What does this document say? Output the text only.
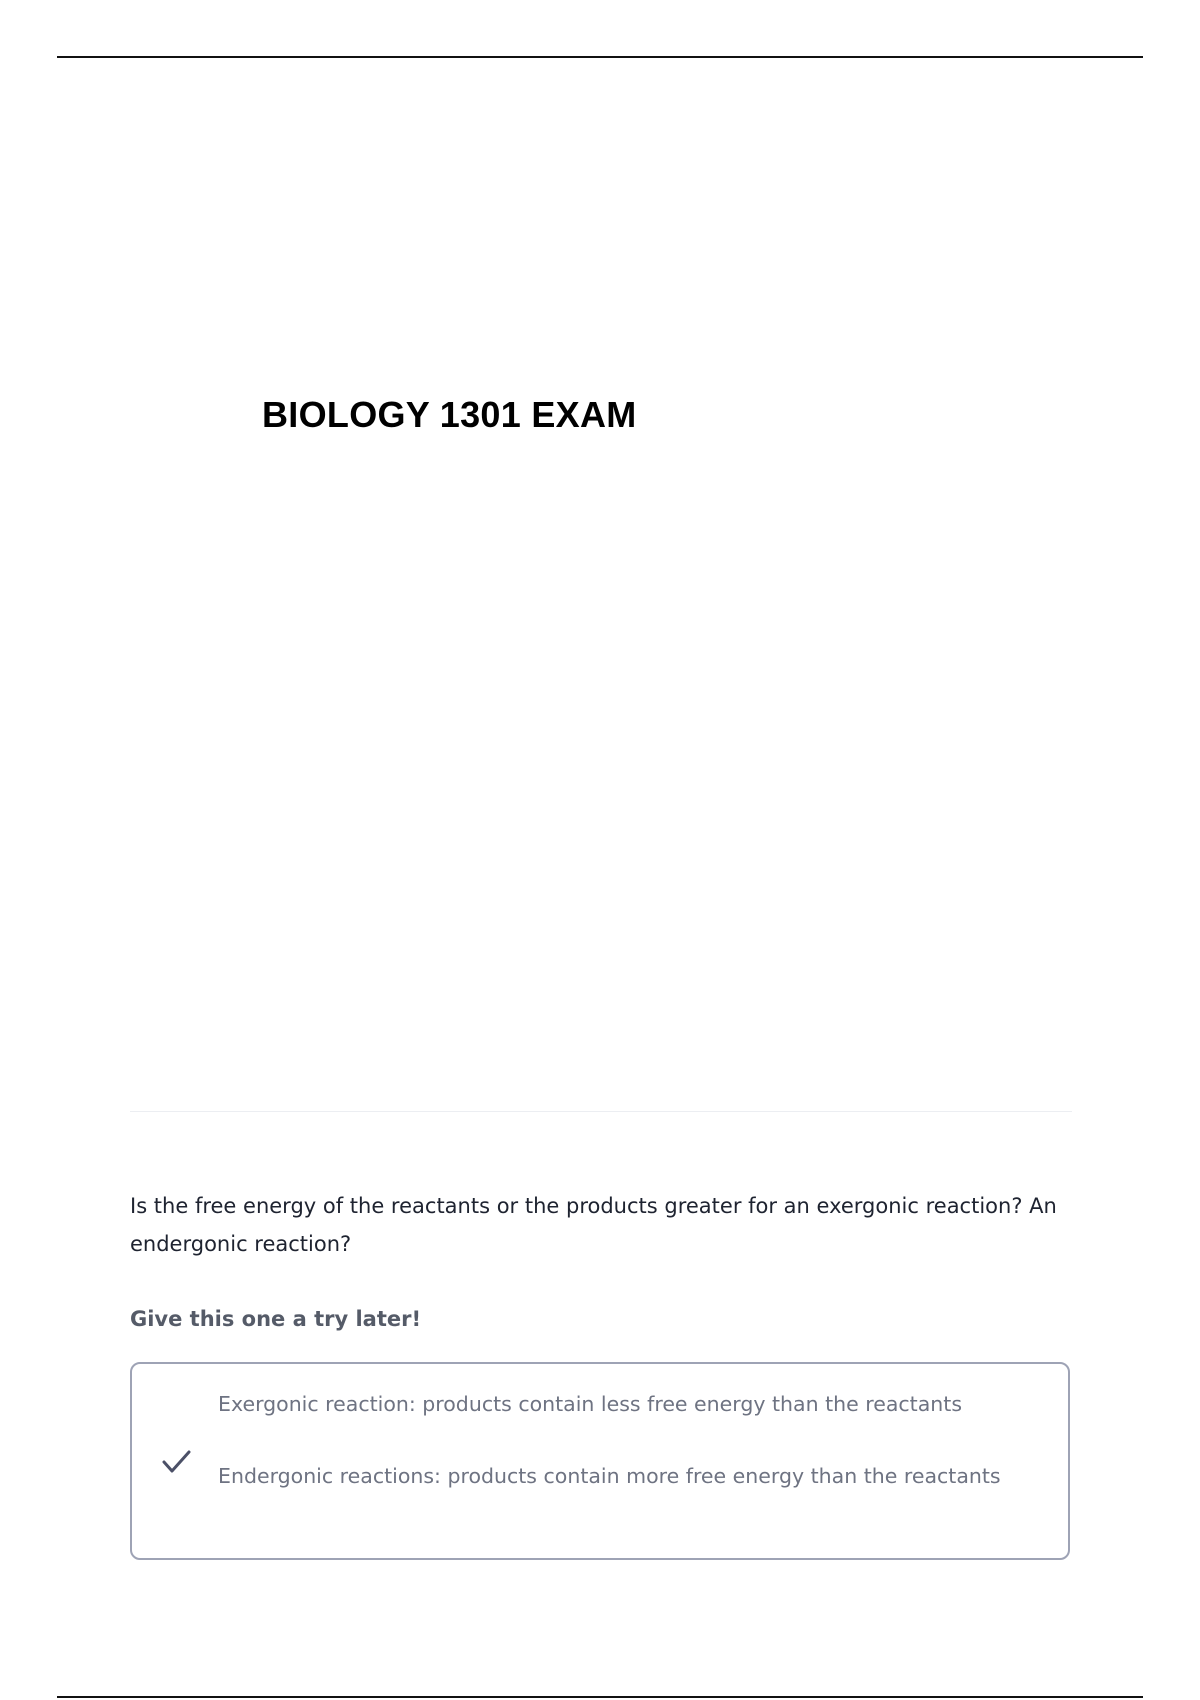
BIOLOGY 1301 EXAM

Is the free energy of the reactants or the products greater for an exergonic reaction? An endergonic reaction?

Give this one a try later!

Exergonic reaction: products contain less free energy than the reactants

Endergonic reactions: products contain more free energy than the reactants
